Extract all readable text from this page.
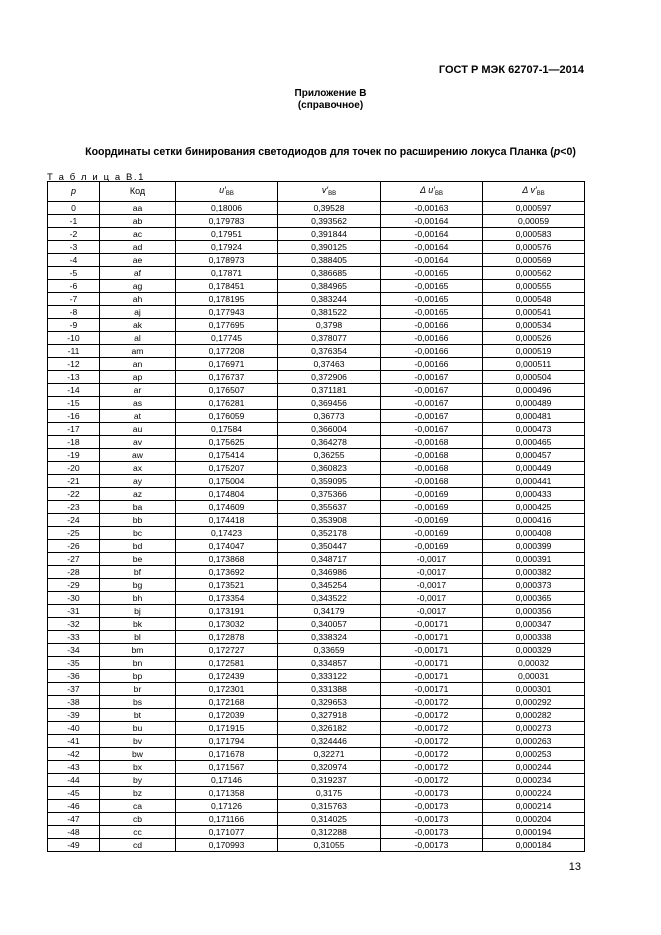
ГОСТ Р МЭК 62707-1—2014
Приложение В
(справочное)
Координаты сетки бинирования светодиодов для точек по расширению локуса Планка (p<0)
Т а б л и ц а В.1
p	Код	$u'_{BB}$	$v'_{BB}$	Δ $u'_{BB}$	Δ $v'_{BB}$
0	aa	0,18006	0,39528	-0,00163	0,000597
-1	ab	0,179783	0,393562	-0,00164	0,00059
-2	ac	0,17951	0,391844	-0,00164	0,000583
-3	ad	0,17924	0,390125	-0,00164	0,000576
-4	ae	0,178973	0,388405	-0,00164	0,000569
-5	af	0,17871	0,386685	-0,00165	0,000562
-6	ag	0,178451	0,384965	-0,00165	0,000555
-7	ah	0,178195	0,383244	-0,00165	0,000548
-8	aj	0,177943	0,381522	-0,00165	0,000541
-9	ak	0,177695	0,3798	-0,00166	0,000534
-10	al	0,17745	0,378077	-0,00166	0,000526
-11	am	0,177208	0,376354	-0,00166	0,000519
-12	an	0,176971	0,37463	-0,00166	0,000511
-13	ap	0,176737	0,372906	-0,00167	0,000504
-14	ar	0,176507	0,371181	-0,00167	0,000496
-15	as	0,176281	0,369456	-0,00167	0,000489
-16	at	0,176059	0,36773	-0,00167	0,000481
-17	au	0,17584	0,366004	-0,00167	0,000473
-18	av	0,175625	0,364278	-0,00168	0,000465
-19	aw	0,175414	0,36255	-0,00168	0,000457
-20	ax	0,175207	0,360823	-0,00168	0,000449
-21	ay	0,175004	0,359095	-0,00168	0,000441
-22	az	0,174804	0,375366	-0,00169	0,000433
-23	ba	0,174609	0,355637	-0,00169	0,000425
-24	bb	0,174418	0,353908	-0,00169	0,000416
-25	bc	0,17423	0,352178	-0,00169	0,000408
-26	bd	0,174047	0,350447	-0,00169	0,000399
-27	be	0,173868	0,348717	-0,0017	0,000391
-28	bf	0,173692	0,346986	-0,0017	0,000382
-29	bg	0,173521	0,345254	-0,0017	0,000373
-30	bh	0,173354	0,343522	-0,0017	0,000365
-31	bj	0,173191	0,34179	-0,0017	0,000356
-32	bk	0,173032	0,340057	-0,00171	0,000347
-33	bl	0,172878	0,338324	-0,00171	0,000338
-34	bm	0,172727	0,33659	-0,00171	0,000329
-35	bn	0,172581	0,334857	-0,00171	0,00032
-36	bp	0,172439	0,333122	-0,00171	0,00031
-37	br	0,172301	0,331388	-0,00171	0,000301
-38	bs	0,172168	0,329653	-0,00172	0,000292
-39	bt	0,172039	0,327918	-0,00172	0,000282
-40	bu	0,171915	0,326182	-0,00172	0,000273
-41	bv	0,171794	0,324446	-0,00172	0,000263
-42	bw	0,171678	0,32271	-0,00172	0,000253
-43	bx	0,171567	0,320974	-0,00172	0,000244
-44	by	0,17146	0,319237	-0,00172	0,000234
-45	bz	0,171358	0,3175	-0,00173	0,000224
-46	ca	0,17126	0,315763	-0,00173	0,000214
-47	cb	0,171166	0,314025	-0,00173	0,000204
-48	cc	0,171077	0,312288	-0,00173	0,000194
-49	cd	0,170993	0,31055	-0,00173	0,000184
13
